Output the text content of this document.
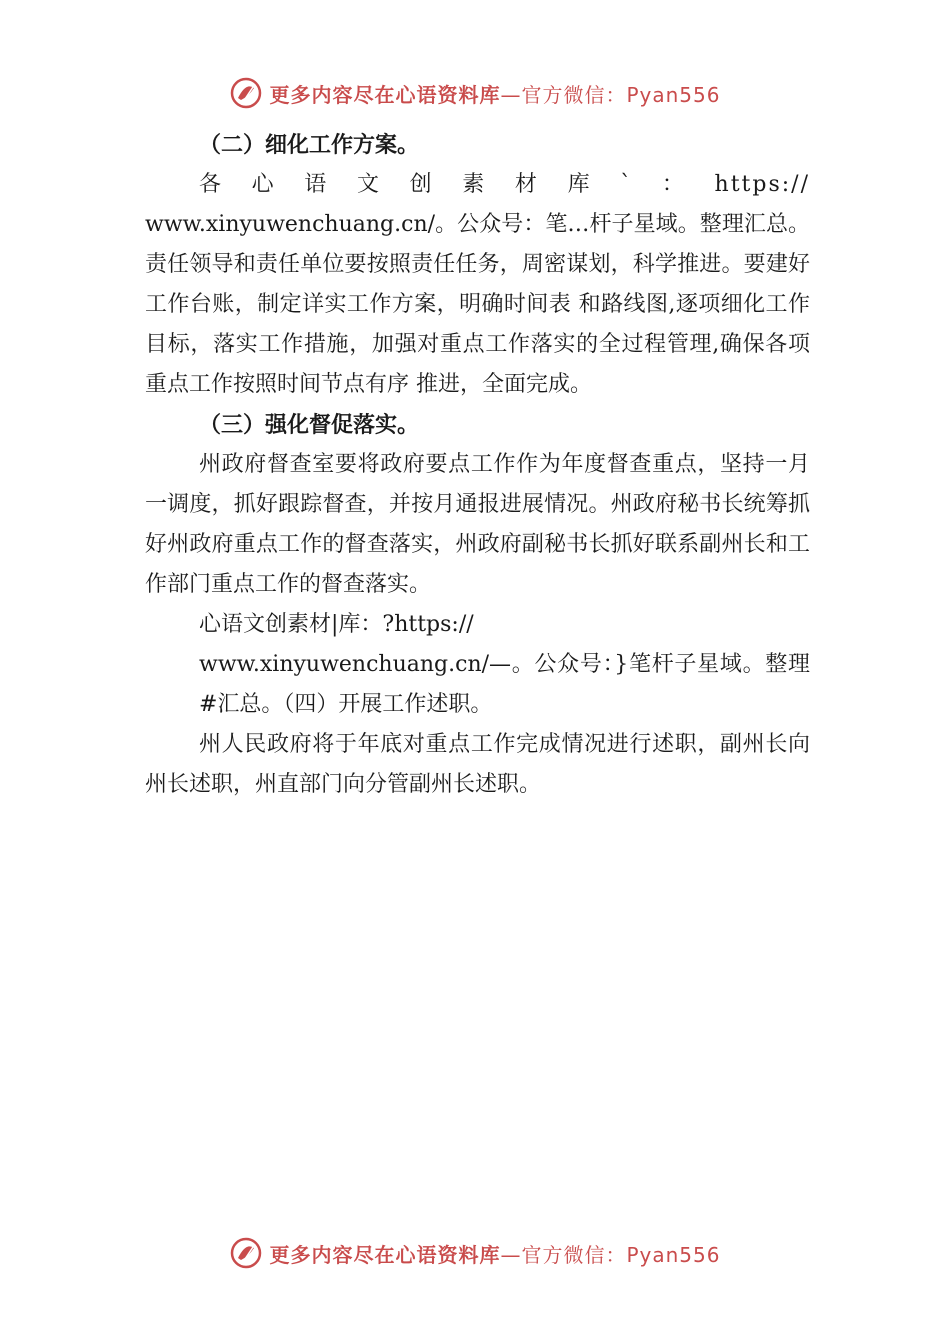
更多内容尽在心语资料库 —官方微信：Pyan556

（二）细化工作方案。

各心语文创素材库`：https://

www.xinyuwenchuang.cn/。公众号：笔…杆子星域。整理汇总。责任领导和责任单位要按照责任任务，周密谋划，科学推进。要建好工作台账，制定详实工作方案，明确时间表 和路线图,逐项细化工作目标，落实工作措施，加强对重点工作落实的全过程管理,确保各项重点工作按照时间节点有序 推进，全面完成。

（三）强化督促落实。

州政府督查室要将政府要点工作作为年度督查重点，坚持一月一调度，抓好跟踪督查，并按月通报进展情况。州政府秘书长统筹抓好州政府重点工作的督查落实，州政府副秘书长抓好联系副州长和工作部门重点工作的督查落实。

心语文创素材|库：?https://

www.xinyuwenchuang.cn/—。公众号：}笔杆子星域。整理#汇总。（四）开展工作述职。

州人民政府将于年底对重点工作完成情况进行述职，副州长向州长述职，州直部门向分管副州长述职。

更多内容尽在心语资料库 —官方微信：Pyan556
